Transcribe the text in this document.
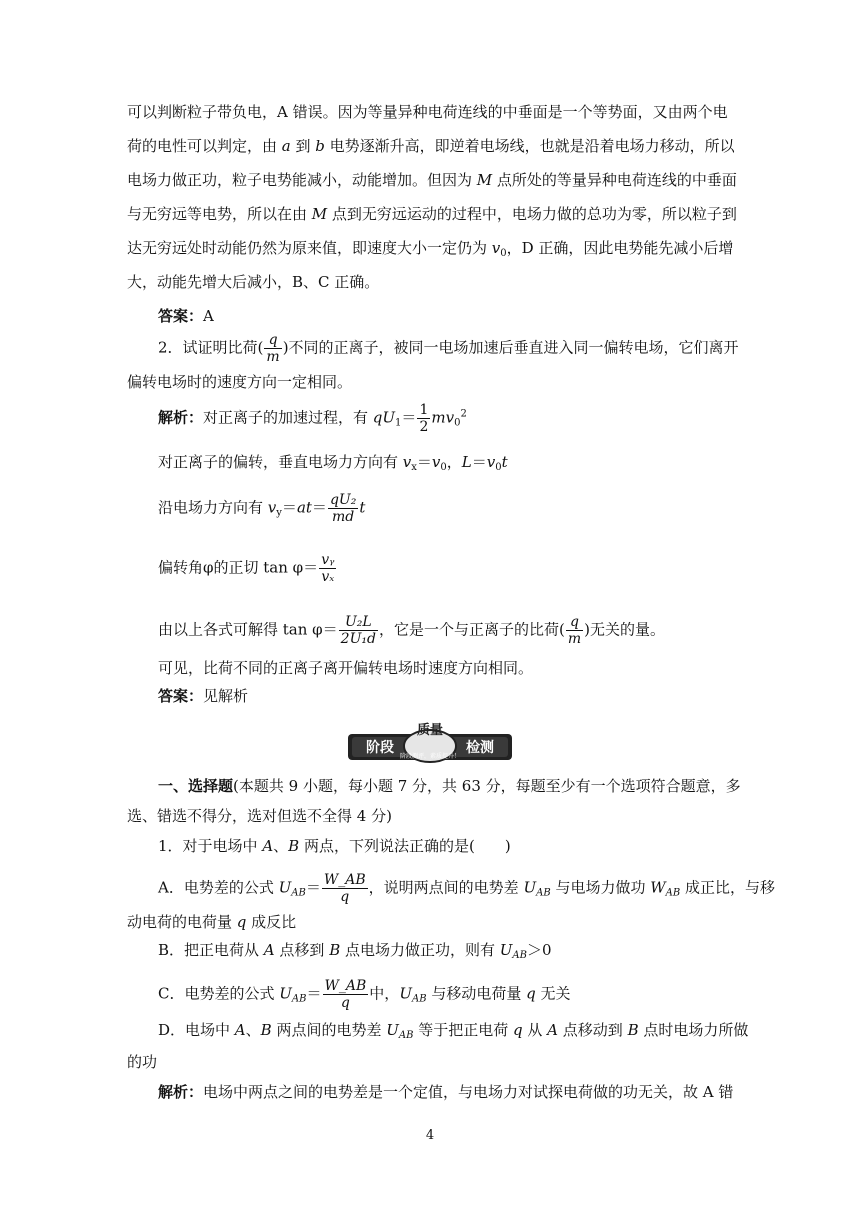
可以判断粒子带负电，A 错误。因为等量异种电荷连线的中垂面是一个等势面，又由两个电
荷的电性可以判定，由 a 到 b 电势逐渐升高，即逆着电场线，也就是沿着电场力移动，所以
电场力做正功，粒子电势能减小，动能增加。但因为 M 点所处的等量异种电荷连线的中垂面
与无穷远等电势，所以在由 M 点到无穷远运动的过程中，电场力做的总功为零，所以粒子到
达无穷远处时动能仍然为原来值，即速度大小一定仍为 $v_0$，D 正确，因此电势能先减小后增
大，动能先增大后减小，B、C 正确。
答案：A
2．试证明比荷( $\frac{q}{m}$ )不同的正离子，被同一电场加速后垂直进入同一偏转电场，它们离开
偏转电场时的速度方向一定相同。
解析：对正离子的加速过程，有 $qU_1= \frac{1}{2} mv_0^2$
对正离子的偏转，垂直电场力方向有 $v_x=v_0$，$L=v_0t$
沿电场力方向有 $v_y=at= \frac{\text{qU₂}}{md}$ t
偏转角φ的正切 $\tan \varphi= \frac{\text{vᵧ}}{\text{vₓ}}$
由以上各式可解得 $\tan \varphi= \frac{\text{U₂L}}{\text{2U₁d}}$ ，它是一个与正离子的比荷( $\frac{q}{m}$ )无关的量。
可见，比荷不同的正离子离开偏转电场时速度方向相同。
答案：见解析
质量
阶段	检测
阶段测评，素质提升！
一、选择题(本题共 9 小题，每小题 7 分，共 63 分，每题至少有一个选项符合题意，多
选、错选不得分，选对但选不全得 4 分)
1．对于电场中 A、B 两点，下列说法正确的是(　　)
A．电势差的公式 $U_{AB}= \frac{W\_AB}{q}$ ，说明两点间的电势差 $U_{AB}$ 与电场力做功 $W_{AB}$ 成正比，与移
动电荷的电荷量 q 成反比
B．把正电荷从 A 点移到 B 点电场力做正功，则有 $U_{AB}>0$
C．电势差的公式 $U_{AB}= \frac{W\_AB}{q}$ 中，$U_{AB}$ 与移动电荷量 q 无关
D．电场中 A、B 两点间的电势差 $U_{AB}$ 等于把正电荷 q 从 A 点移动到 B 点时电场力所做
的功
解析：电场中两点之间的电势差是一个定值，与电场力对试探电荷做的功无关，故 A 错
4
